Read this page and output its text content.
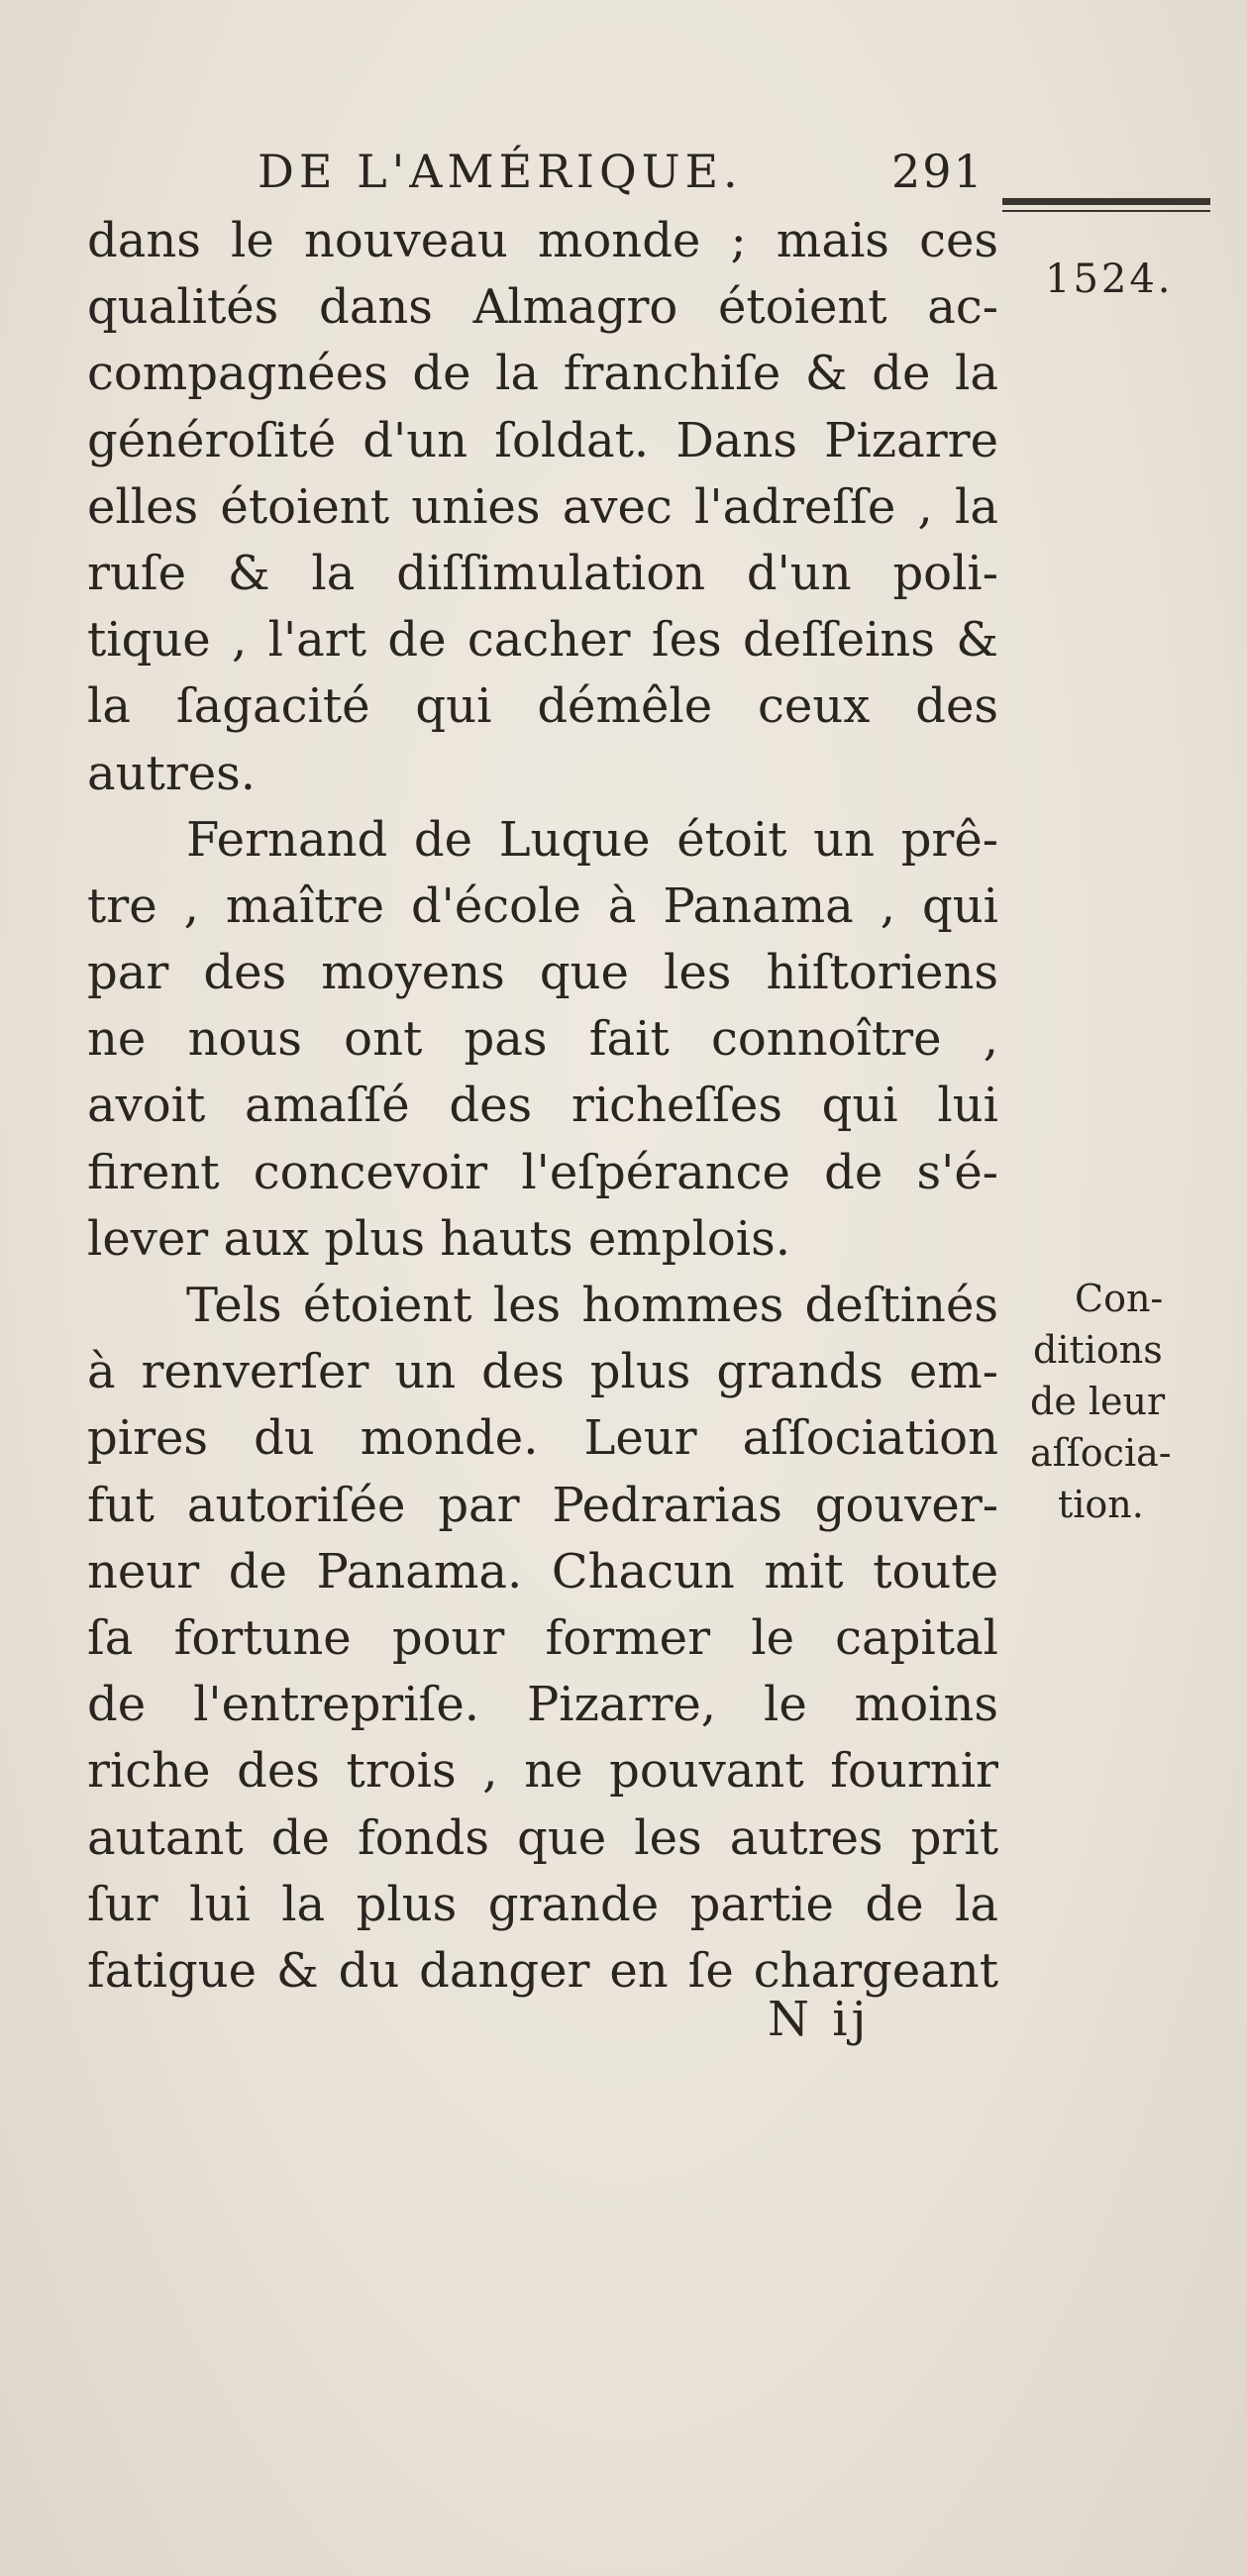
DE L'AMÉRIQUE.	291
1524.
dans le nouveau monde ; mais ces
qualités dans Almagro étoient ac-
compagnées de la franchiſe & de la
généroſité d'un ſoldat. Dans Pizarre
elles étoient unies avec l'adreſſe , la
ruſe & la diſſimulation d'un poli-
tique , l'art de cacher ſes deſſeins &
la ſagacité qui démêle ceux des
autres.
Fernand de Luque étoit un prê-
tre , maître d'école à Panama , qui
par des moyens que les hiſtoriens
ne nous ont pas fait connoître ,
avoit amaſſé des richeſſes qui lui
firent concevoir l'eſpérance de s'é-
lever aux plus hauts emplois.
Tels étoient les hommes deſtinés
à renverſer un des plus grands em-
pires du monde. Leur aſſociation
fut autoriſée par Pedrarias gouver-
neur de Panama. Chacun mit toute
ſa fortune pour former le capital
de l'entrepriſe. Pizarre, le moins
riche des trois , ne pouvant fournir
autant de fonds que les autres prit
ſur lui la plus grande partie de la
fatigue & du danger en ſe chargeant
Con-
ditions
de leur
aſſocia-
tion.
N ij
